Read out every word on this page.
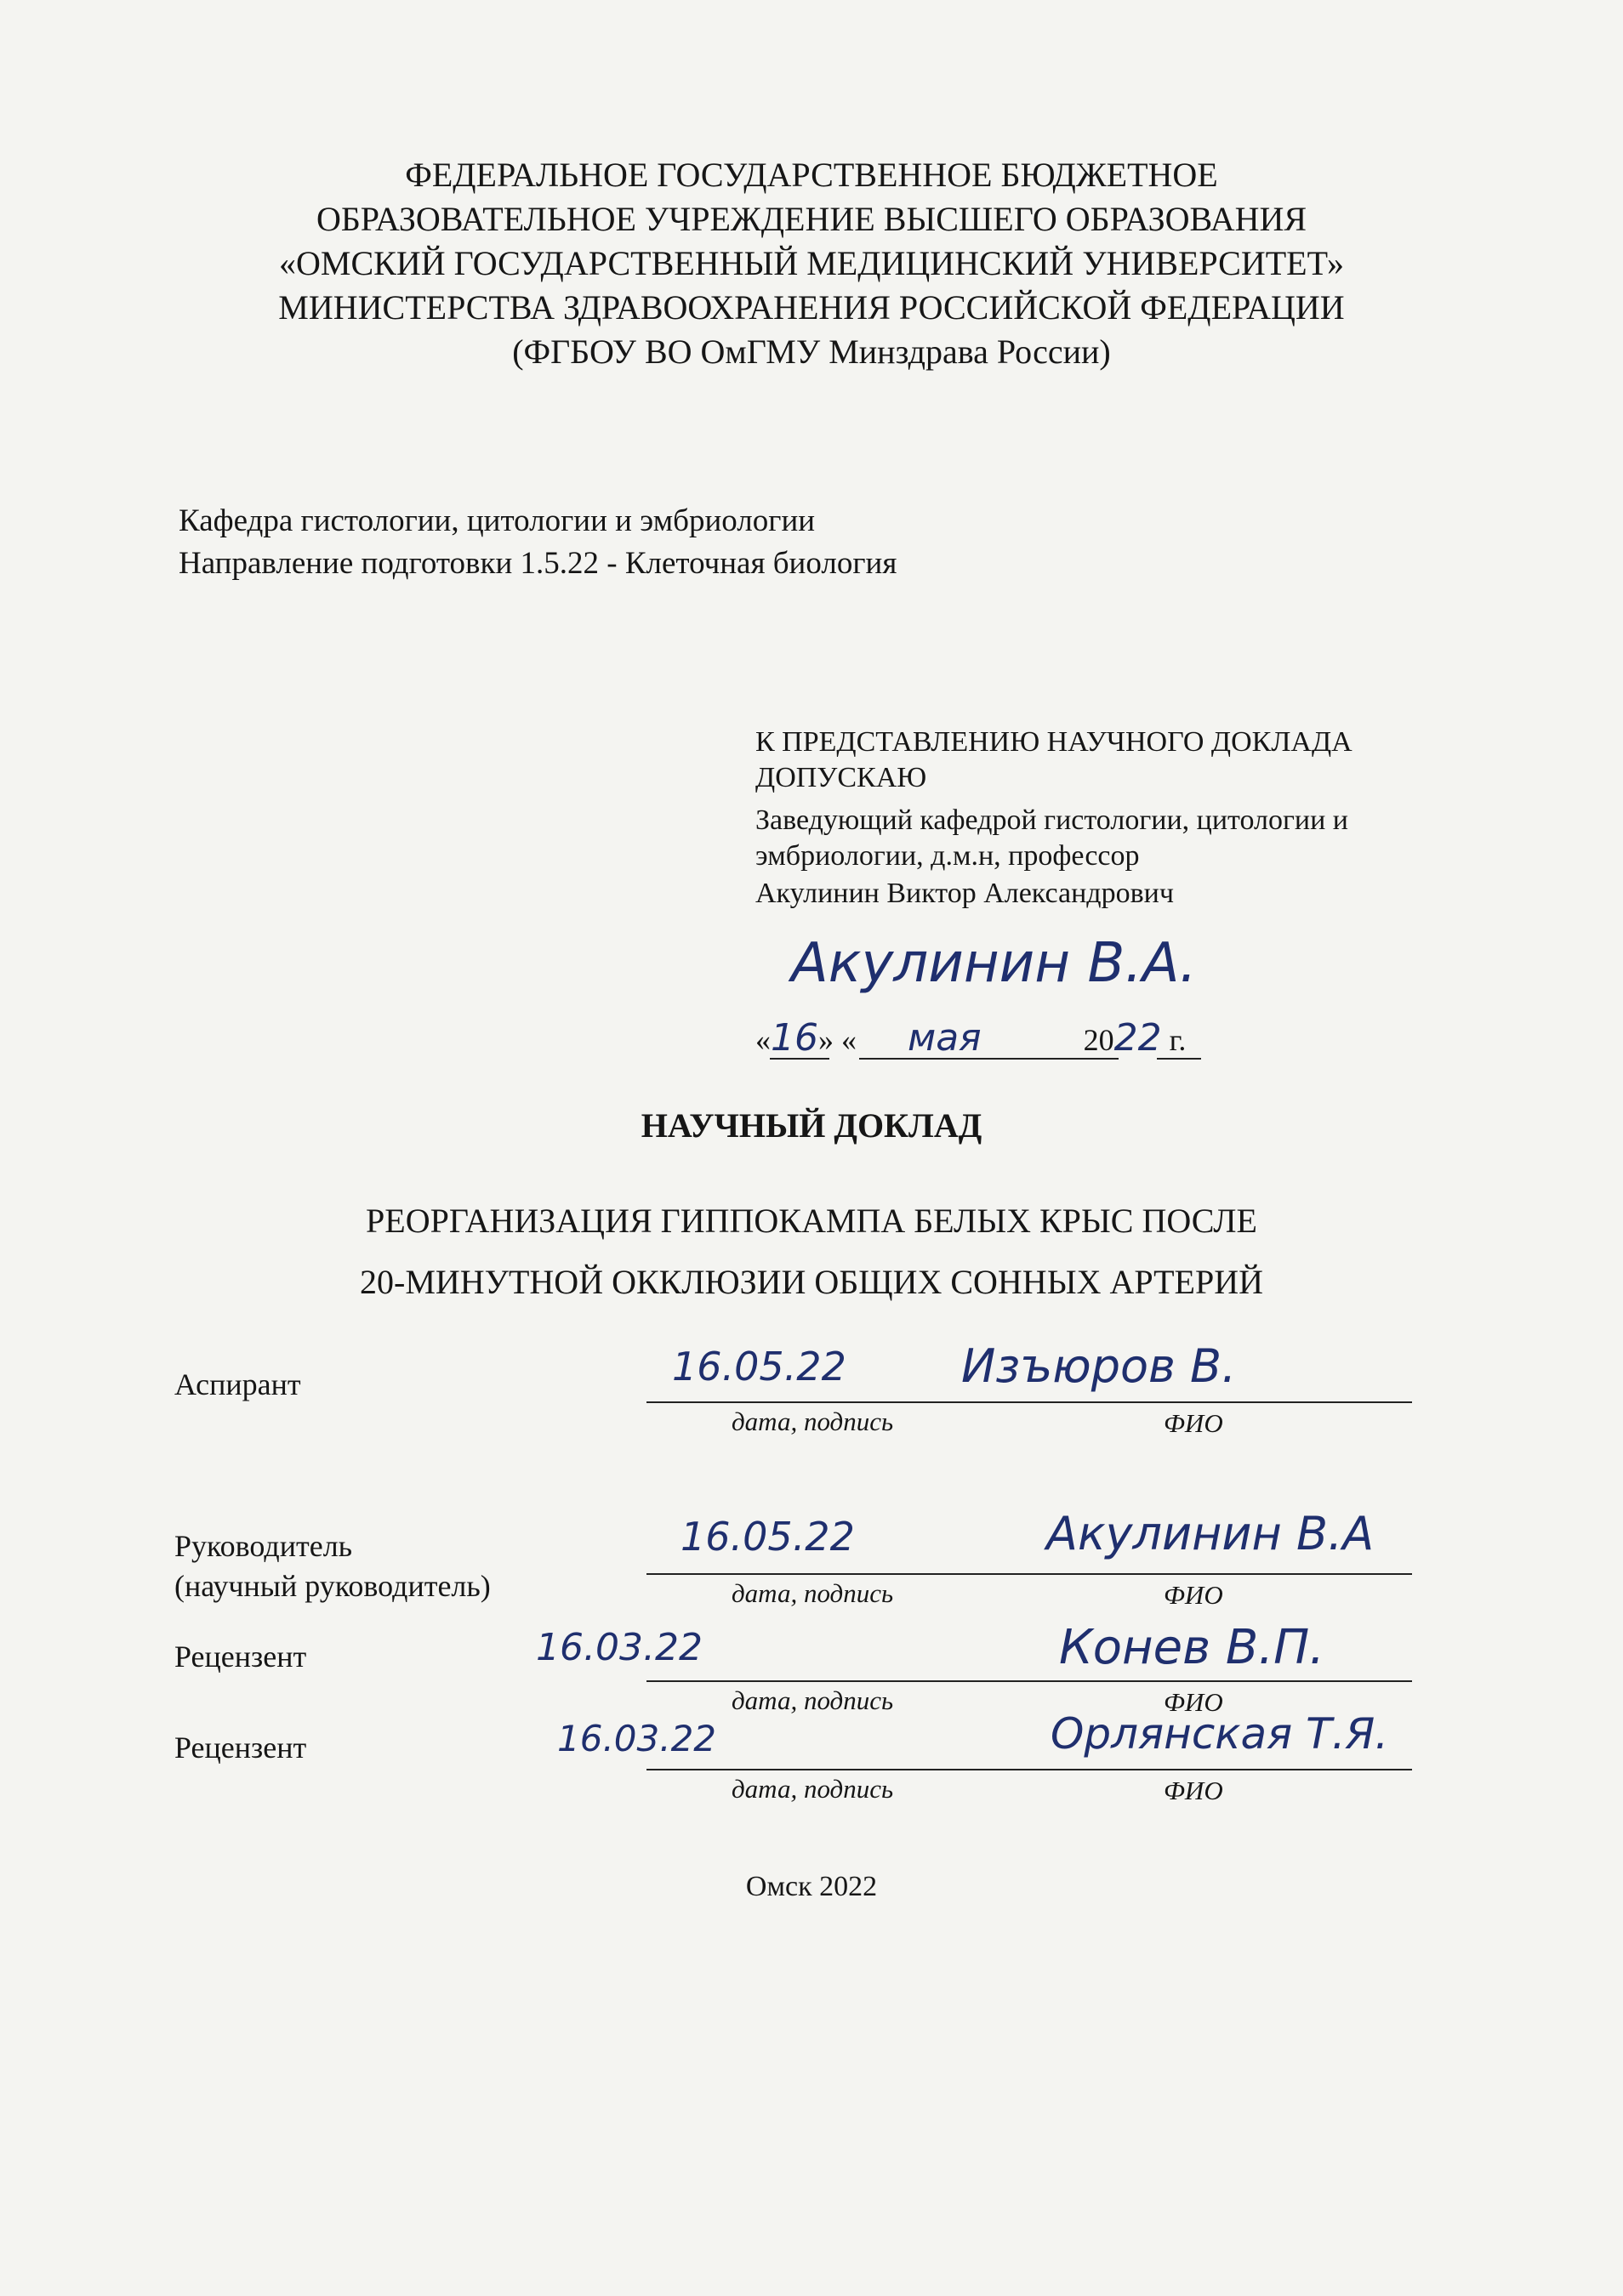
ФЕДЕРАЛЬНОЕ ГОСУДАРСТВЕННОЕ БЮДЖЕТНОЕ
ОБРАЗОВАТЕЛЬНОЕ УЧРЕЖДЕНИЕ ВЫСШЕГО ОБРАЗОВАНИЯ
«ОМСКИЙ ГОСУДАРСТВЕННЫЙ МЕДИЦИНСКИЙ УНИВЕРСИТЕТ»
МИНИСТЕРСТВА ЗДРАВООХРАНЕНИЯ РОССИЙСКОЙ ФЕДЕРАЦИИ
(ФГБОУ ВО ОмГМУ Минздрава России)
Кафедра гистологии, цитологии и эмбриологии
Направление подготовки 1.5.22 - Клеточная биология
К ПРЕДСТАВЛЕНИЮ НАУЧНОГО ДОКЛАДА
ДОПУСКАЮ
Заведующий кафедрой гистологии, цитологии и
эмбриологии, д.м.н, профессор
Акулинин Виктор Александрович
Акулинин В.А.
«16» « мая	2022 г.
НАУЧНЫЙ ДОКЛАД
РЕОРГАНИЗАЦИЯ ГИППОКАМПА БЕЛЫХ КРЫС ПОСЛЕ
20-МИНУТНОЙ ОККЛЮЗИИ ОБЩИХ СОННЫХ АРТЕРИЙ
Аспирант	16.05.22	Изъюров В.
дата, подпись	ФИО
Руководитель
(научный руководитель)
16.05.22	Акулинин В.А
дата, подпись	ФИО
Рецензент	16.03.22	Конев В.П.
дата, подпись	ФИО
Рецензент	16.03.22	Орлянская Т.Я.
дата, подпись	ФИО
Омск 2022
